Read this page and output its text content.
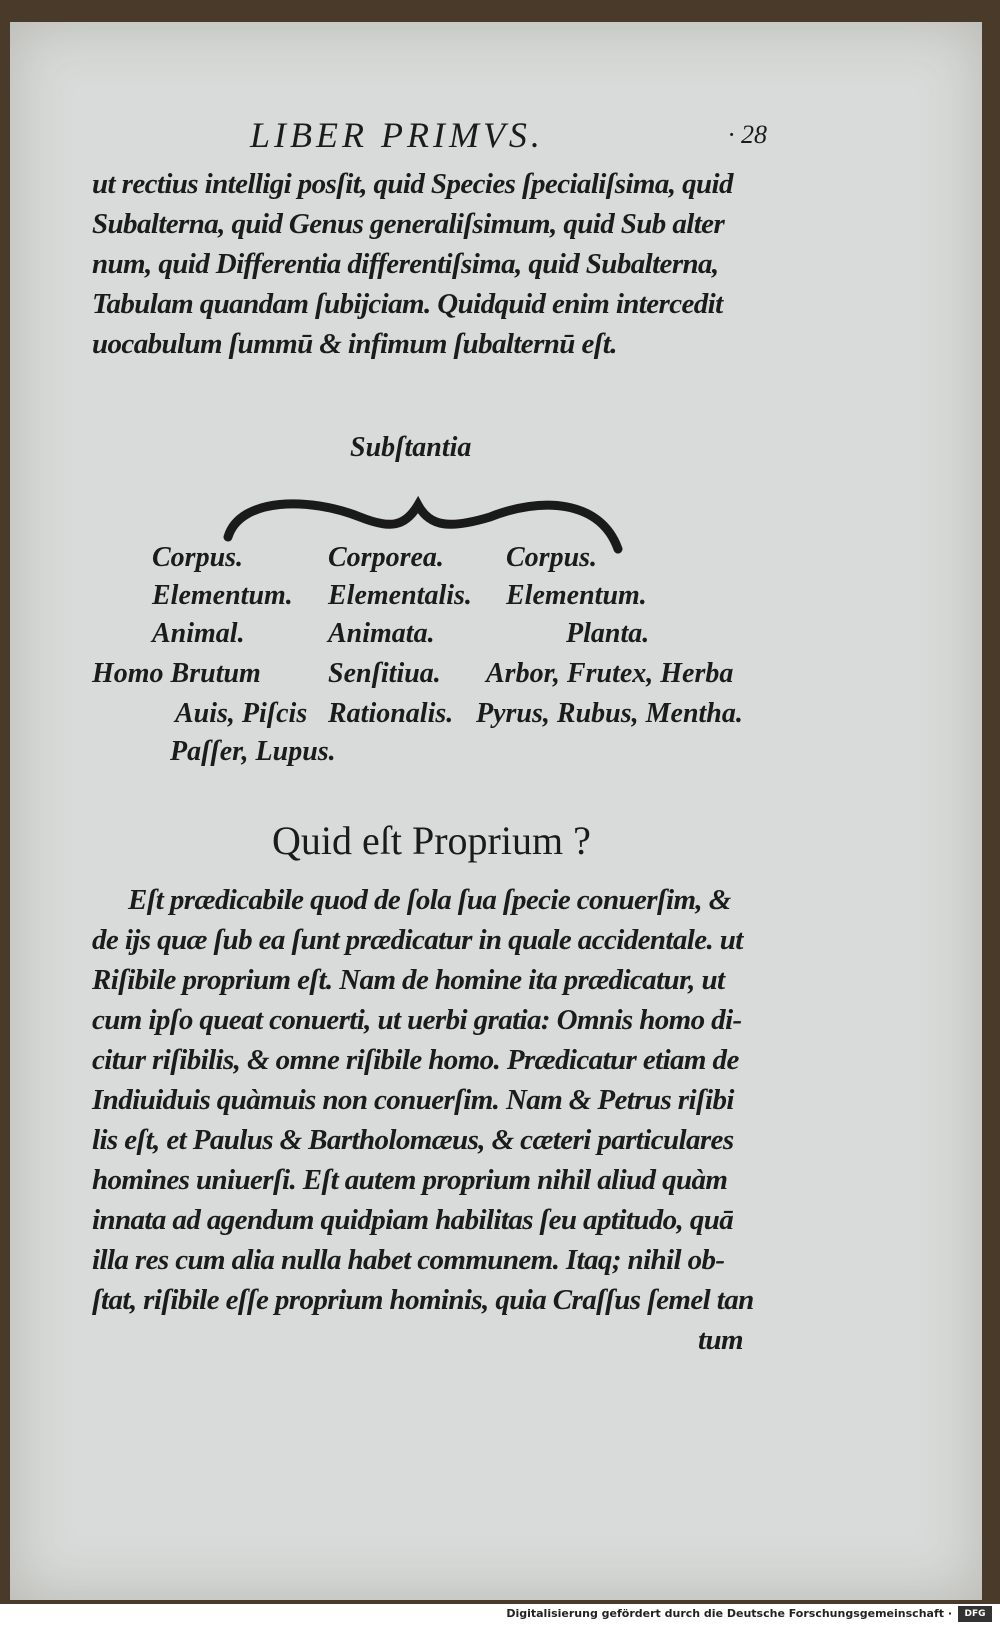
LIBER PRIMVS.	· 28
ut rectius intelligi posſit, quid Species ſpecialiſsima, quid
Subalterna, quid Genus generaliſsimum, quid Sub alter
num, quid Differentia differentiſsima, quid Subalterna,
Tabulam quandam ſubijciam. Quidquid enim intercedit
uocabulum ſummū & infimum ſubalternū eſt.
Subſtantia
Corpus.
Elementum.
Animal.
Homo Brutum
Auis, Piſcis
Paſſer, Lupus.
Corporea.
Elementalis.
Animata.
Senſitiua.
Rationalis.
Corpus.
Elementum.
Planta.
Arbor, Frutex, Herba
Pyrus, Rubus, Mentha.
Quid eſt Proprium ?
Eſt prædicabile quod de ſola ſua ſpecie conuerſim, &
de ijs quæ ſub ea ſunt prædicatur in quale accidentale. ut
Riſibile proprium eſt. Nam de homine ita prædicatur, ut
cum ipſo queat conuerti, ut uerbi gratia: Omnis homo di-
citur riſibilis, & omne riſibile homo. Prædicatur etiam de
Indiuiduis quàmuis non conuerſim. Nam & Petrus riſibi
lis eſt, et Paulus & Bartholomæus, & cæteri particulares
homines uniuerſi. Eſt autem proprium nihil aliud quàm
innata ad agendum quidpiam habilitas ſeu aptitudo, quā
illa res cum alia nulla habet communem. Itaq; nihil ob-
ſtat, riſibile eſſe proprium hominis, quia Craſſus ſemel tan
tum
Digitalisierung gefördert durch die Deutsche Forschungsgemeinschaft ·	DFG
